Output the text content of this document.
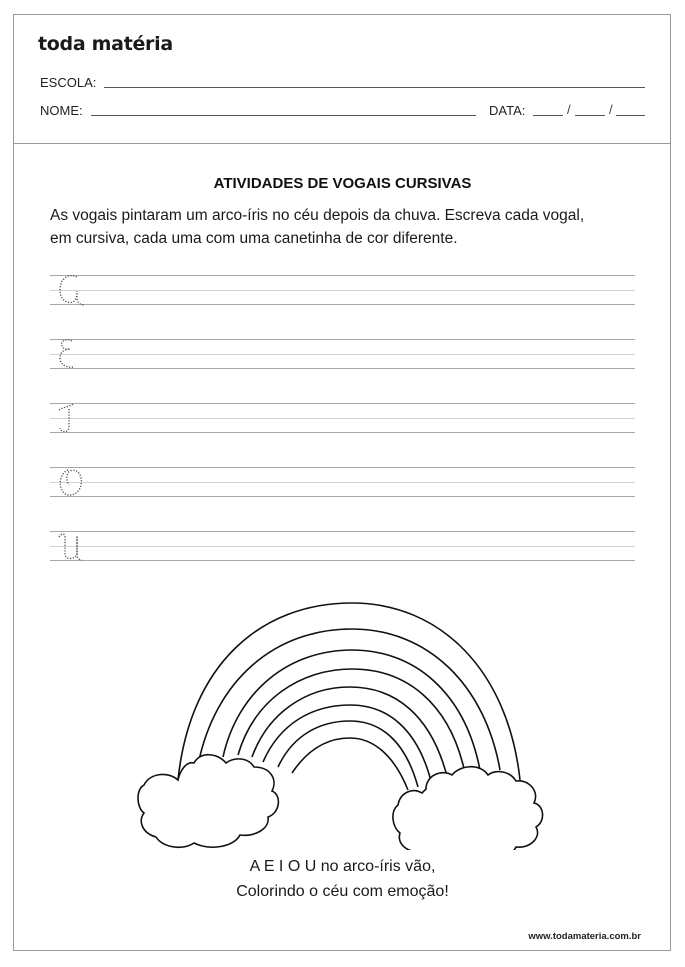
toda matéria
ESCOLA:
NOME:	DATA:	/	/
ATIVIDADES DE VOGAIS CURSIVAS
As vogais pintaram um arco-íris no céu depois da chuva. Escreva cada vogal,
em cursiva, cada uma com uma canetinha de cor diferente.
A E I O U no arco-íris vão,
Colorindo o céu com emoção!
www.todamateria.com.br
